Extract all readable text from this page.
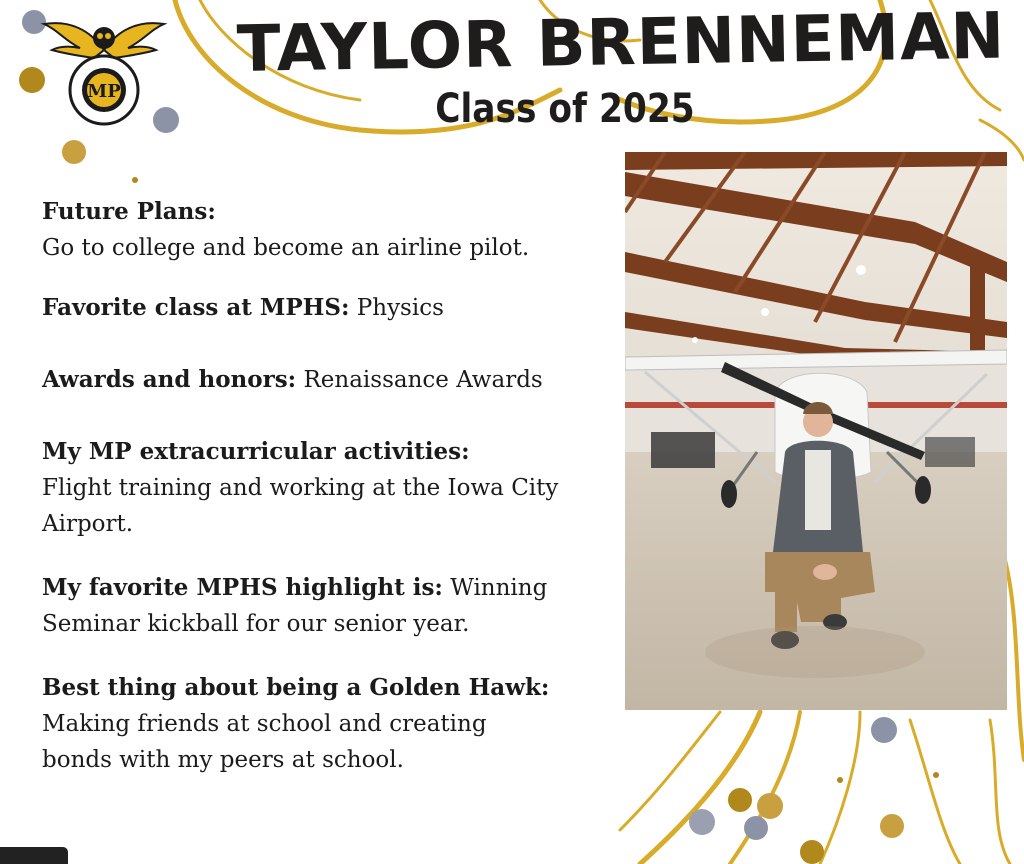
MP
TAYLOR BRENNEMAN
Class of 2025

Future Plans:
Go to college and become an airline pilot.

Favorite class at MPHS: Physics

Awards and honors: Renaissance Awards

My MP extracurricular activities:
Flight training and working at the Iowa City Airport.

My favorite MPHS highlight is: Winning Seminar kickball for our senior year.

Best thing about being a Golden Hawk:
Making friends at school and creating bonds with my peers at school.
